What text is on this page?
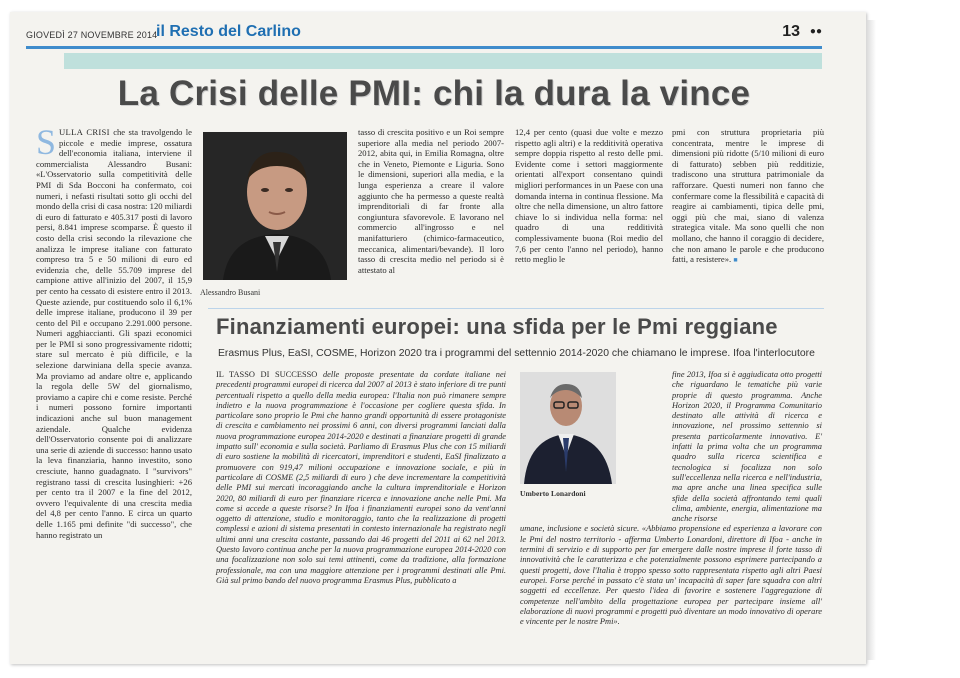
GIOVEDÌ 27 NOVEMBRE 2014
il Resto del Carlino	13 ●●
La Crisi delle PMI: chi la dura la vince
SULLA CRISI che sta travolgendo le piccole e medie imprese, ossatura dell'economia italiana, interviene il commercialista Alessandro Busani: «L'Osservatorio sulla competitività delle PMI di Sda Bocconi ha confermato, coi numeri, i nefasti risultati sotto gli occhi del mondo della crisi di casa nostra: 120 miliardi di euro di fatturato e 405.317 posti di lavoro persi, 8.841 imprese scomparse. È questo il costo della crisi secondo la rilevazione che analizza le imprese italiane con fatturato compreso tra 5 e 50 milioni di euro ed evidenzia che, delle 55.709 imprese del campione attive all'inizio del 2007, il 15,9 per cento ha cessato di esistere entro il 2013. Queste aziende, pur costituendo solo il 6,1% delle imprese italiane, producono il 39 per cento del Pil e occupano 2.291.000 persone. Numeri agghiaccianti. Gli spazi economici per le PMI si sono progressivamente ridotti; stare sul mercato è più difficile, e la selezione darwiniana della specie avanza. Ma proviamo ad andare oltre e, applicando la regola delle 5W del giornalismo, proviamo a capire chi e come resiste. Perché i numeri possono fornire importanti indicazioni anche sul buon management aziendale. Qualche evidenza dell'Osservatorio consente poi di analizzare una serie di aziende di successo: hanno usato la leva finanziaria, hanno investito, sono cresciute, hanno guadagnato. I "survivors" registrano tassi di crescita lusinghieri: +26 per cento tra il 2007 e la fine del 2012, ovvero l'equivalente di una crescita media del 4,8 per cento l'anno. E circa un quarto delle 1.165 pmi definite "di successo", che hanno registrato un
Alessandro Busani
tasso di crescita positivo e un Roi sempre superiore alla media nel periodo 2007-2012, abita qui, in Emilia Romagna, oltre che in Veneto, Piemonte e Liguria. Sono le dimensioni, superiori alla media, e la lunga esperienza a creare il valore aggiunto che ha permesso a queste realtà imprenditoriali di far fronte alla congiuntura sfavorevole. E lavorano nel commercio all'ingrosso e nel manifatturiero (chimico-farmaceutico, meccanica, alimentari/bevande). Il loro tasso di crescita medio nel periodo si è attestato al
12,4 per cento (quasi due volte e mezzo rispetto agli altri) e la redditività operativa sempre doppia rispetto al resto delle pmi. Evidente come i settori maggiormente orientati all'export consentano quindi migliori performances in un Paese con una domanda interna in continua flessione. Ma oltre che nella dimensione, un altro fattore chiave lo si individua nella forma: nel quadro di una redditività complessivamente buona (Roi medio del 7,6 per cento l'anno nel periodo), hanno retto meglio le
pmi con struttura proprietaria più concentrata, mentre le imprese di dimensioni più ridotte (5/10 milioni di euro di fatturato) sebben più redditizie, tradiscono una struttura patrimoniale da rafforzare. Questi numeri non fanno che confermare come la flessibilità e capacità di reagire ai cambiamenti, tipica delle pmi, oggi più che mai, siano di valenza strategica vitale. Ma sono quelli che non mollano, che hanno il coraggio di decidere, che non amano le parole e che producono fatti, a resistere». ■
Finanziamenti europei: una sfida per le Pmi reggiane
Erasmus Plus, EaSI, COSME, Horizon 2020 tra i programmi del settennio 2014-2020 che chiamano le imprese. Ifoa l'interlocutore
IL TASSO DI SUCCESSO delle proposte presentate da cordate italiane nei precedenti programmi europei di ricerca dal 2007 al 2013 è stato inferiore di tre punti percentuali rispetto a quello della media europea: l'Italia non può rimanere sempre indietro e la nuova programmazione è l'occasione per cogliere questa sfida. In particolare sono proprio le Pmi che hanno grandi opportunità di essere protagoniste di crescita e cambiamento nei prossimi 6 anni, con diversi programmi lanciati dalla nuova programmazione europea 2014-2020 e destinati a finanziare progetti di grande impatto sull' economia e sulla società. Parliamo di Erasmus Plus che con 15 miliardi di euro sostiene la mobilità di ricercatori, imprenditori e studenti, EaSI finalizzato a promuovere con 919,47 milioni occupazione e innovazione sociale, e più in particolare di COSME (2,5 miliardi di euro ) che deve incrementare la competitività delle PMI sui mercati incoraggiando anche la cultura imprenditoriale e Horizon 2020, 80 miliardi di euro per finanziare ricerca e innovazione anche nelle Pmi. Ma come si accede a queste risorse? In Ifoa i finanziamenti europei sono da vent'anni oggetto di attenzione, studio e monitoraggio, tanto che la realizzazione di progetti complessi e azioni di sistema presentati in contesto internazionale ha registrato negli ultimi anni una crescita costante, passando dai 46 progetti del 2011 ai 62 nel 2013. Questo lavoro continua anche per la nuova programmazione europea 2014-2020 con una focalizzazione non solo sui temi attinenti, come da tradizione, alla formazione professionale, ma con una maggiore attenzione per i programmi destinati alle Pmi. Già sul primo bando del nuovo programma Erasmus Plus, pubblicato a
Umberto Lonardoni

fine 2013, Ifoa si è aggiudicata otto progetti che riguardano le tematiche più varie proprie di questo programma. Anche Horizon 2020, il Programma Comunitario destinato alle attività di ricerca e innovazione, nel prossimo settennio si presenta particolarmente innovativo. E' infatti la prima volta che un programma quadro sulla ricerca scientifica e tecnologica si focalizza non solo sull'eccellenza nella ricerca e nell'industria, ma apre anche una linea specifica sulle sfide della società affrontando temi quali clima, ambiente, energia, alimentazione ma anche risorse

umane, inclusione e società sicure. «Abbiamo propensione ed esperienza a lavorare con le Pmi del nostro territorio - afferma Umberto Lonardoni, direttore di Ifoa - anche in termini di servizio e di supporto per far emergere dalle nostre imprese il forte tasso di innovatività che le caratterizza e che potenzialmente possono esprimere partecipando a questi progetti, dove l'Italia è troppo spesso sotto rappresentata rispetto agli altri Paesi europei. Forse perché in passato c'è stata un' incapacità di saper fare squadra con altri soggetti ed eccellenze. Per questo l'idea di favorire e sostenere l'aggregazione di competenze nell'ambito della progettazione europea per partecipare insieme all' elaborazione di nuovi programmi e progetti può diventare un modo innovativo di operare e vincente per le nostre Pmi».
